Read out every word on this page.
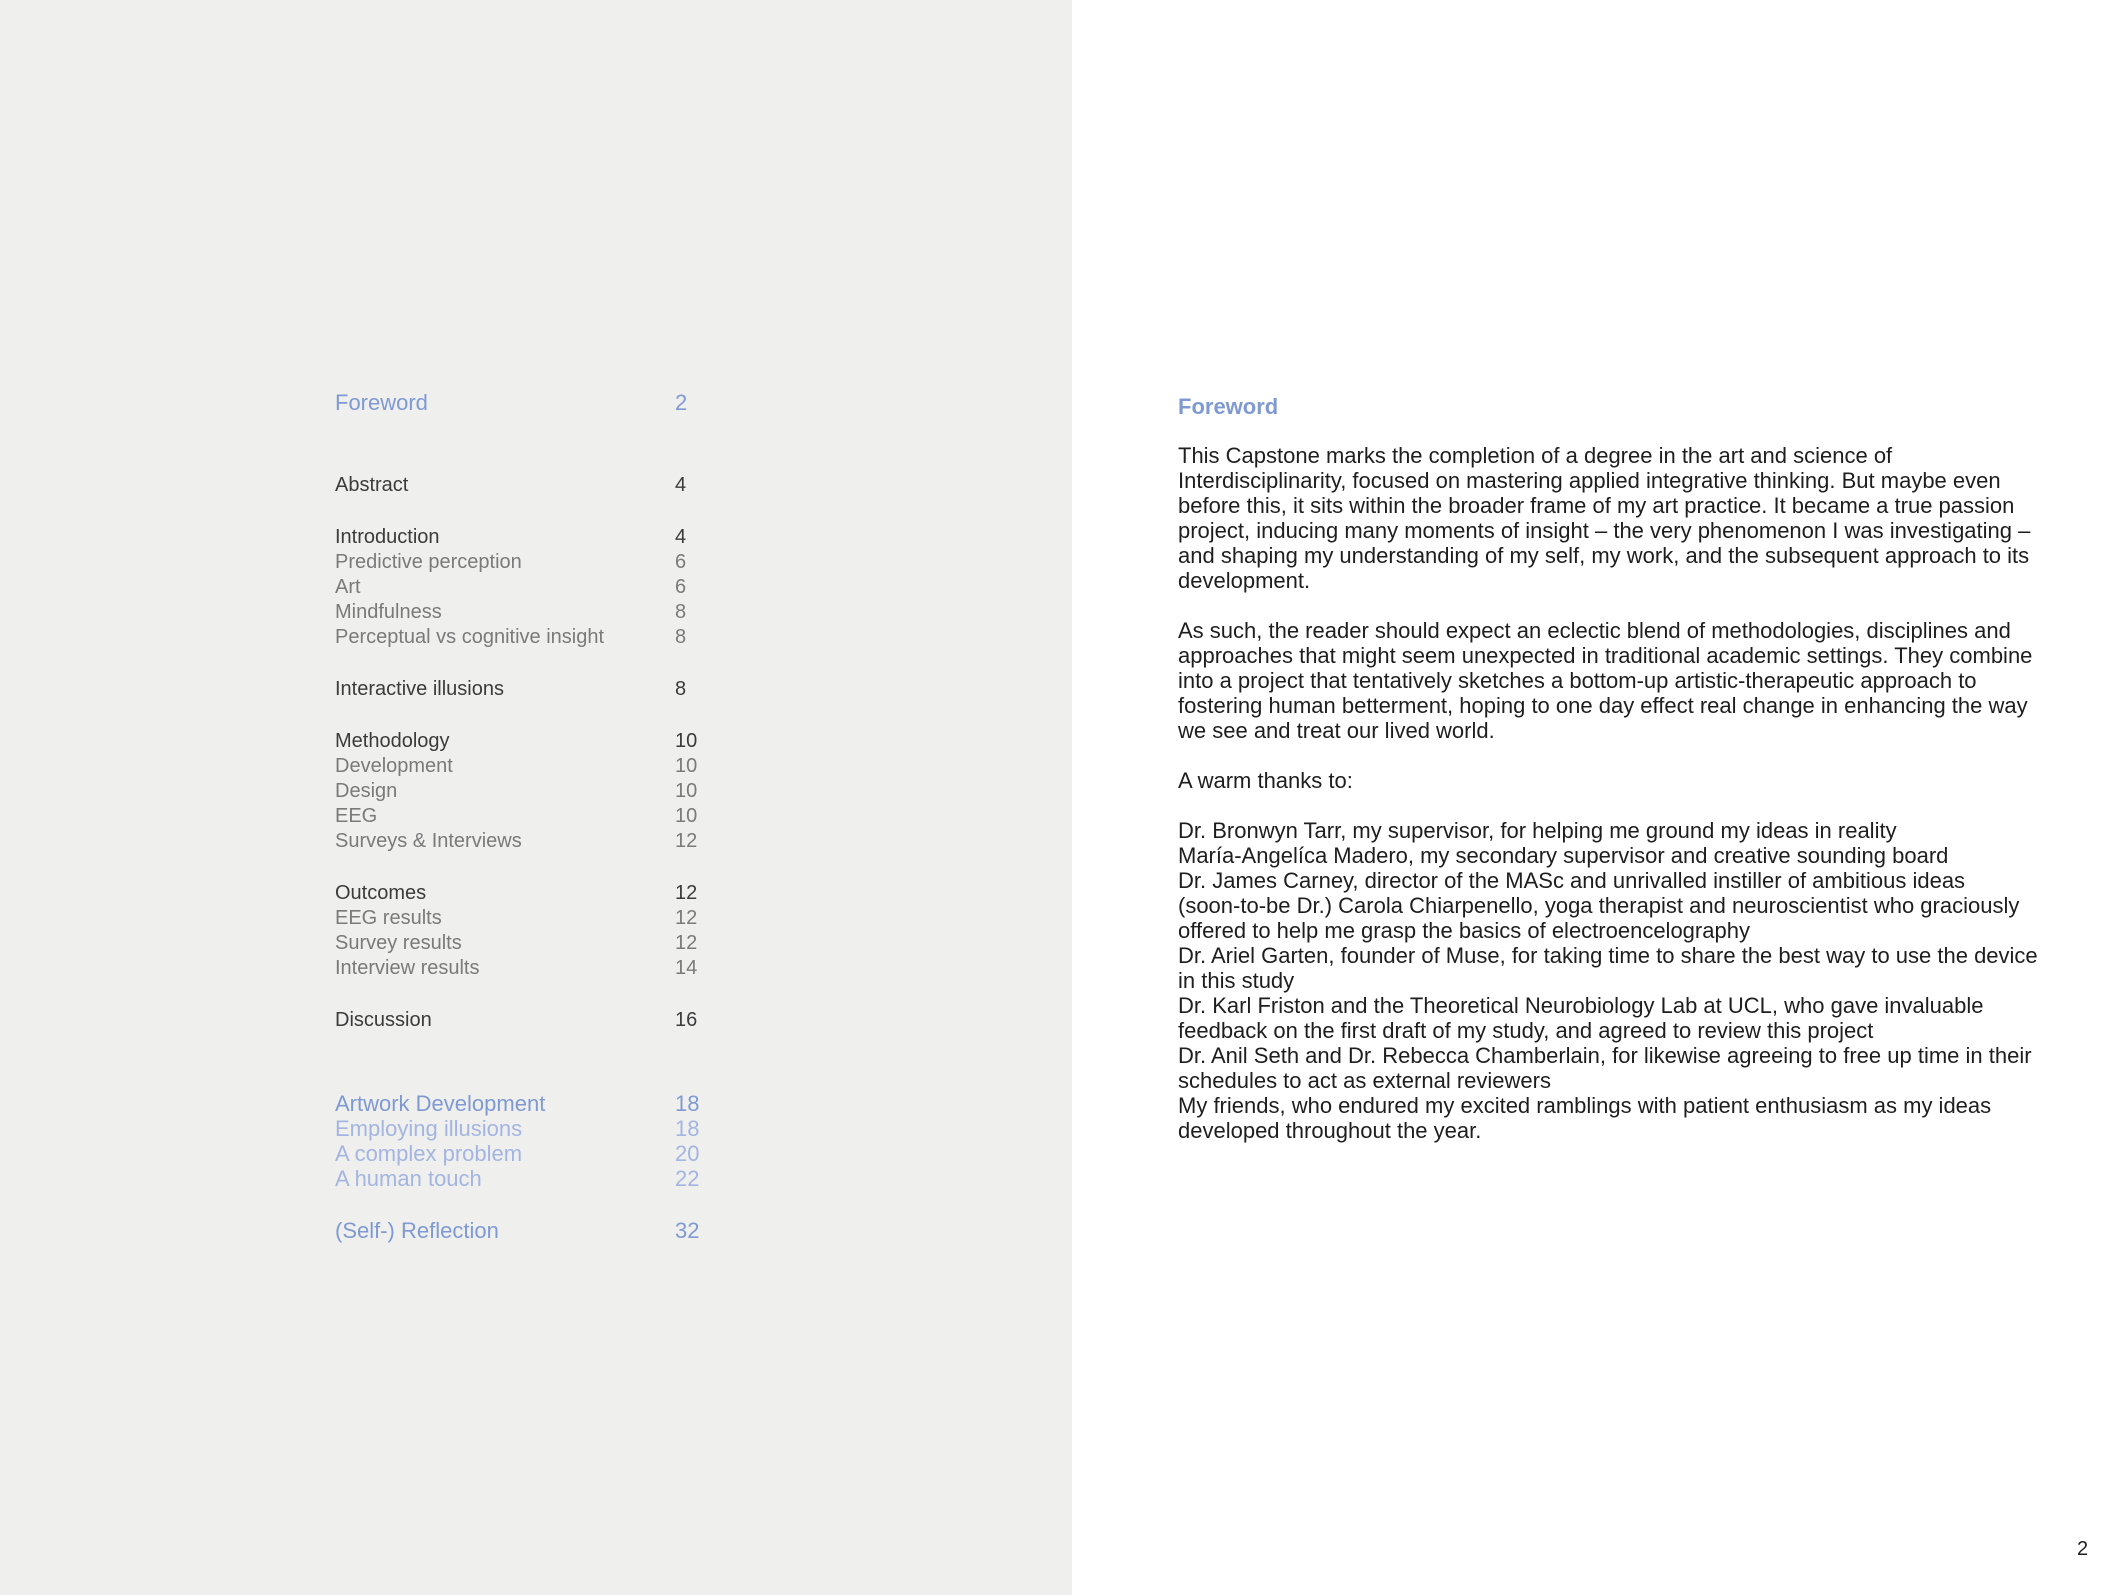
Foreword	2
Abstract	4
Introduction	4
Predictive perception	6
Art	6
Mindfulness	8
Perceptual vs cognitive insight	8
Interactive illusions	8
Methodology	10
Development	10
Design	10
EEG	10
Surveys & Interviews	12
Outcomes	12
EEG results	12
Survey results	12
Interview results	14
Discussion	16
Artwork Development	18
Employing illusions	18
A complex problem	20
A human touch	22
(Self-) Reflection	32
Foreword

This Capstone marks the completion of a degree in the art and science of Interdisciplinarity, focused on mastering applied integrative thinking. But maybe even before this, it sits within the broader frame of my art practice. It became a true passion project, inducing many moments of insight – the very phenomenon I was investigating – and shaping my understanding of my self, my work, and the subsequent approach to its development.

As such, the reader should expect an eclectic blend of methodologies, disciplines and approaches that might seem unexpected in traditional academic settings. They combine into a project that tentatively sketches a bottom-up artistic-therapeutic approach to fostering human betterment, hoping to one day effect real change in enhancing the way we see and treat our lived world.

A warm thanks to:

Dr. Bronwyn Tarr, my supervisor, for helping me ground my ideas in reality
María-Angelíca Madero, my secondary supervisor and creative sounding board
Dr. James Carney, director of the MASc and unrivalled instiller of ambitious ideas
(soon-to-be Dr.) Carola Chiarpenello, yoga therapist and neuroscientist who graciously offered to help me grasp the basics of electroencelography
Dr. Ariel Garten, founder of Muse, for taking time to share the best way to use the device in this study
Dr. Karl Friston and the Theoretical Neurobiology Lab at UCL, who gave invaluable feedback on the first draft of my study, and agreed to review this project
Dr. Anil Seth and Dr. Rebecca Chamberlain, for likewise agreeing to free up time in their schedules to act as external reviewers
My friends, who endured my excited ramblings with patient enthusiasm as my ideas developed throughout the year.
2
